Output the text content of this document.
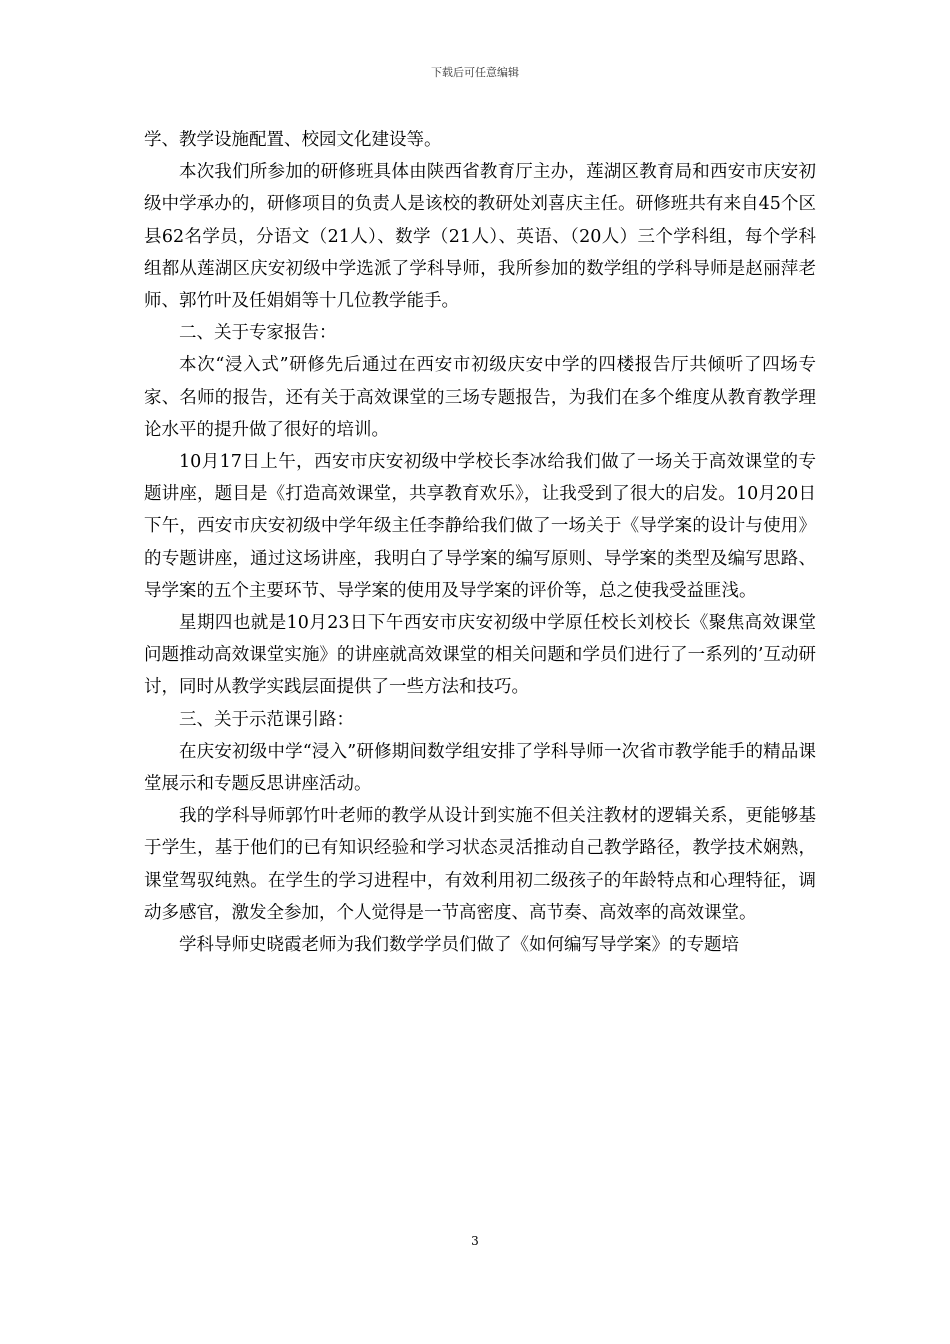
下载后可任意编辑

学、教学设施配置、校园文化建设等。

本次我们所参加的研修班具体由陕西省教育厅主办，莲湖区教育局和西安市庆安初级中学承办的，研修项目的负责人是该校的教研处刘喜庆主任。研修班共有来自45个区县62名学员，分语文（21人）、数学（21人）、英语、（20人）三个学科组，每个学科组都从莲湖区庆安初级中学选派了学科导师，我所参加的数学组的学科导师是赵丽萍老师、郭竹叶及任娟娟等十几位教学能手。

二、关于专家报告：

本次“浸入式”研修先后通过在西安市初级庆安中学的四楼报告厅共倾听了四场专家、名师的报告，还有关于高效课堂的三场专题报告，为我们在多个维度从教育教学理论水平的提升做了很好的培训。

10月17日上午，西安市庆安初级中学校长李冰给我们做了一场关于高效课堂的专题讲座，题目是《打造高效课堂，共享教育欢乐》，让我受到了很大的启发。10月20日下午，西安市庆安初级中学年级主任李静给我们做了一场关于《导学案的设计与使用》的专题讲座，通过这场讲座，我明白了导学案的编写原则、导学案的类型及编写思路、导学案的五个主要环节、导学案的使用及导学案的评价等，总之使我受益匪浅。

星期四也就是10月23日下午西安市庆安初级中学原任校长刘校长《聚焦高效课堂问题推动高效课堂实施》的讲座就高效课堂的相关问题和学员们进行了一系列的’互动研讨，同时从教学实践层面提供了一些方法和技巧。

三、关于示范课引路：

在庆安初级中学“浸入”研修期间数学组安排了学科导师一次省市教学能手的精品课堂展示和专题反思讲座活动。

我的学科导师郭竹叶老师的教学从设计到实施不但关注教材的逻辑关系，更能够基于学生，基于他们的已有知识经验和学习状态灵活推动自己教学路径，教学技术娴熟，课堂驾驭纯熟。在学生的学习进程中，有效利用初二级孩子的年龄特点和心理特征，调动多感官，激发全参加，个人觉得是一节高密度、高节奏、高效率的高效课堂。

学科导师史晓霞老师为我们数学学员们做了《如何编写导学案》的专题培

3
